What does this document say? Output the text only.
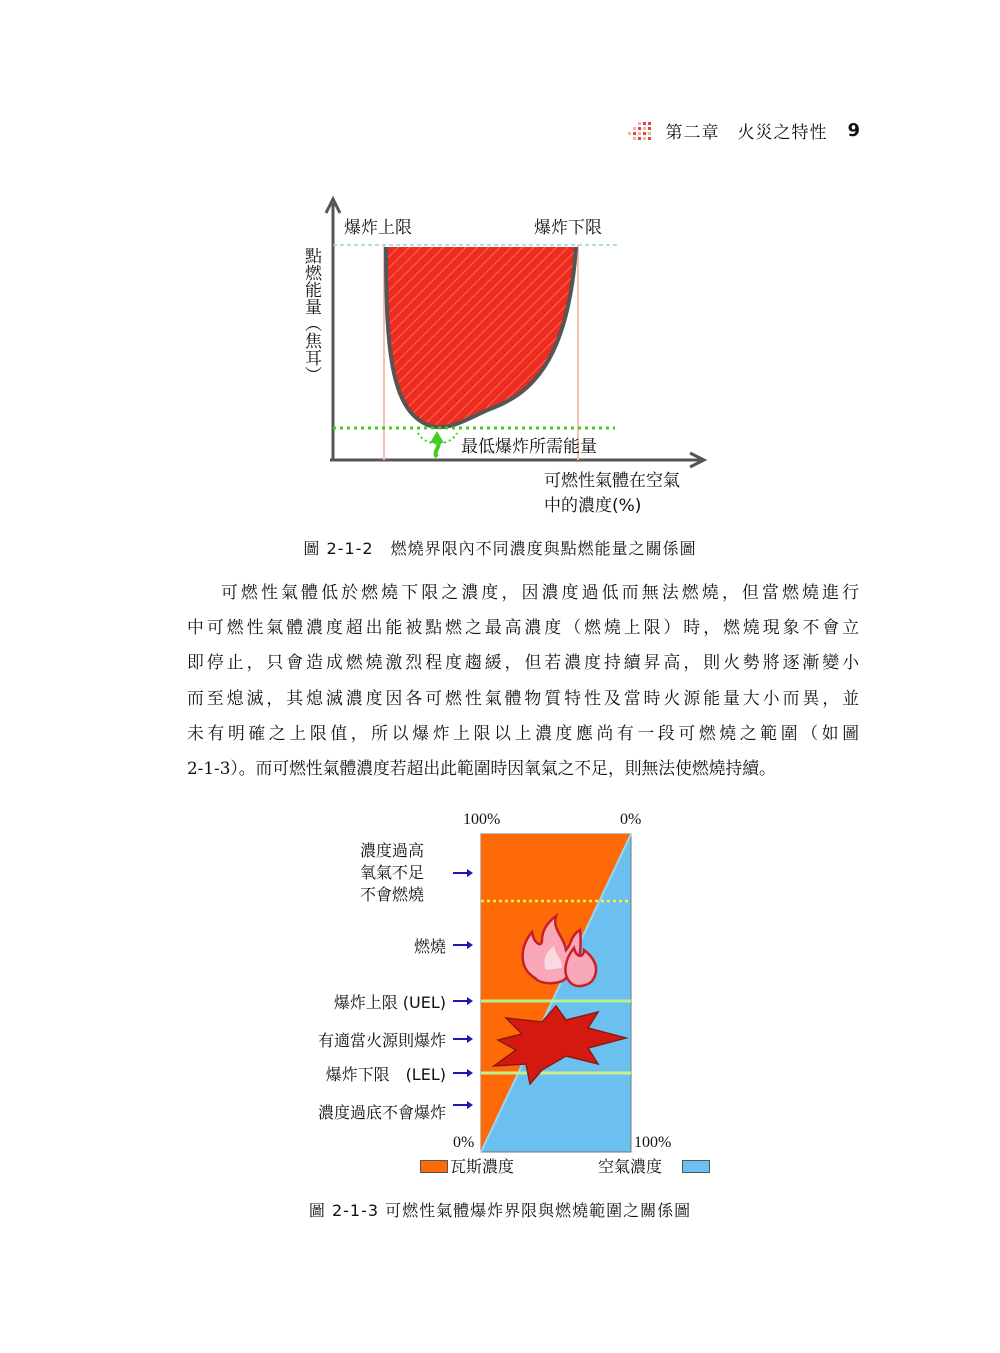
第二章　火災之特性 9
爆炸上限	爆炸下限
點燃能量（焦耳）
最低爆炸所需能量
可燃性氣體在空氣
中的濃度(%)
圖 2-1-2　燃燒界限內不同濃度與點燃能量之關係圖
可燃性氣體低於燃燒下限之濃度，因濃度過低而無法燃燒，但當燃燒進行
中可燃性氣體濃度超出能被點燃之最高濃度（燃燒上限）時，燃燒現象不會立
即停止，只會造成燃燒激烈程度趨緩，但若濃度持續昇高，則火勢將逐漸變小
而至熄滅，其熄滅濃度因各可燃性氣體物質特性及當時火源能量大小而異，並
未有明確之上限值，所以爆炸上限以上濃度應尚有一段可燃燒之範圍（如圖
2-1-3）。而可燃性氣體濃度若超出此範圍時因氧氣之不足，則無法使燃燒持續。
100%	0%
0%	100%
濃度過高
氧氣不足
不會燃燒
燃燒
爆炸上限 (UEL)
有適當火源則爆炸
爆炸下限　(LEL)
濃度過底不會爆炸
瓦斯濃度	空氣濃度
圖 2-1-3 可燃性氣體爆炸界限與燃燒範圍之關係圖
